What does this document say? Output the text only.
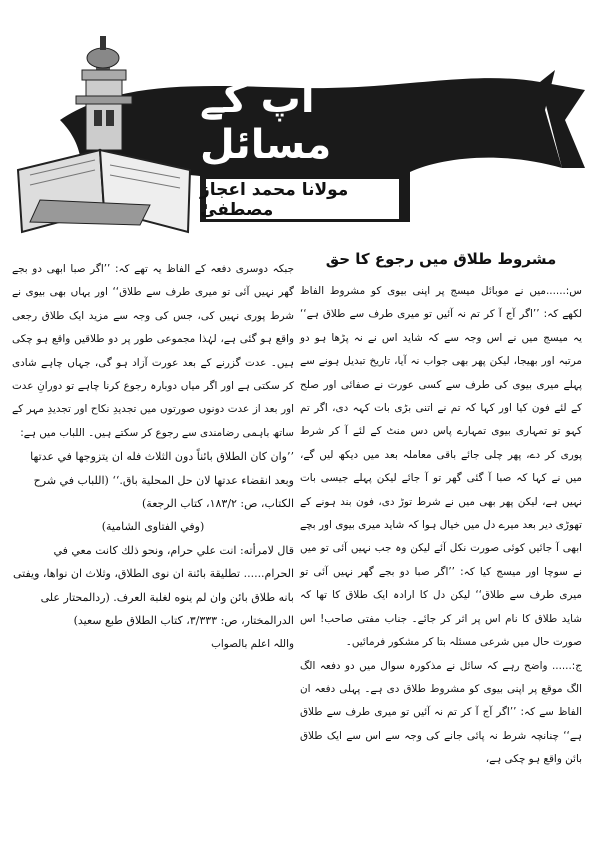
آپ کے مسائل
مولانا محمد اعجاز مصطفیٰ
مشروط طلاق میں رجوع کا حق

س:......میں نے موبائل میسج پر اپنی بیوی کو مشروط الفاظ لکھے کہ: ’’اگر آج آ کر تم نہ آئیں تو میری طرف سے طلاق ہے‘‘ یہ میسج میں نے اس وجہ سے کہ شاید اس نے نہ پڑھا ہو دو مرتبہ اور بھیجا، لیکن پھر بھی جواب نہ آیا، تاریخ تبدیل ہونے سے پہلے میری بیوی کی طرف سے کسی عورت نے صفائی اور صلح کے لئے فون کیا اور کہا کہ تم نے اتنی بڑی بات کہہ دی، اگر تم کہو تو تمہاری بیوی تمہارے پاس دس منٹ کے لئے آ کر شرط پوری کر دے، پھر چلی جائے باقی معاملہ بعد میں دیکھ لیں گے، میں نے کہا کہ صبا آ گئی گھر تو آ جائے لیکن پہلے جیسی بات نہیں ہے، لیکن پھر بھی میں نے شرط توڑ دی، فون بند ہونے کے تھوڑی دیر بعد میرے دل میں خیال ہوا کہ شاید میری بیوی اور بچے ابھی آ جائیں کوئی صورت نکل آئے لیکن وہ جب نہیں آئی تو میں نے سوچا اور میسج کیا کہ: ’’اگر صبا دو بجے گھر نہیں آئی تو میری طرف سے طلاق‘‘ لیکن دل کا ارادہ ایک طلاق کا تھا کہ شاید طلاق کا نام اس پر اثر کر جائے۔ جناب مفتی صاحب! اس صورت حال میں شرعی مسئلہ بتا کر مشکور فرمائیں۔

ج:...... واضح رہے کہ سائل نے مذکورہ سوال میں دو دفعہ الگ الگ موقع پر اپنی بیوی کو مشروط طلاق دی ہے۔ پہلی دفعہ ان الفاظ سے کہ: ’’اگر آج آ کر تم نہ آئیں تو میری طرف سے طلاق ہے‘‘ چنانچہ شرط نہ پائی جانے کی وجہ سے اس سے ایک طلاق بائن واقع ہو چکی ہے،

جبکہ دوسری دفعہ کے الفاظ یہ تھے کہ: ’’اگر صبا ابھی دو بجے گھر نہیں آئی تو میری طرف سے طلاق‘‘ اور یہاں بھی بیوی نے شرط پوری نہیں کی، جس کی وجہ سے مزید ایک طلاق رجعی واقع ہو گئی ہے، لہٰذا مجموعی طور پر دو طلاقیں واقع ہو چکی ہیں۔ عدت گزرنے کے بعد عورت آزاد ہو گی، جہاں چاہے شادی کر سکتی ہے اور اگر میاں دوبارہ رجوع کرنا چاہے تو دورانِ عدت اور بعد از عدت دونوں صورتوں میں تجدیدِ نکاح اور تجدیدِ مہر کے ساتھ باہمی رضامندی سے رجوع کر سکتے ہیں۔ اللباب میں ہے:

’’وان کان الطلاق بائناً دون الثلاث فله ان يتزوجها في عدتها وبعد انقضاء عدتها لان حل المحلية باق.‘‘ (اللباب في شرح الكتاب، ص: ۱۸۳/۲، كتاب الرجعة)

(وفي الفتاوى الشامية)

قال لامرأته: انت علي حرام، ونحو ذلك كانت معي في الحرام...... تطليقة بائنة ان نوى الطلاق، وثلاث ان نواها، ويفتى بانه طلاق بائن وان لم ينوه لغلبة العرف. (ردالمحتار على الدرالمختار، ص: ۳/۳۳۳، كتاب الطلاق طبع سعيد)

واللہ اعلم بالصواب
